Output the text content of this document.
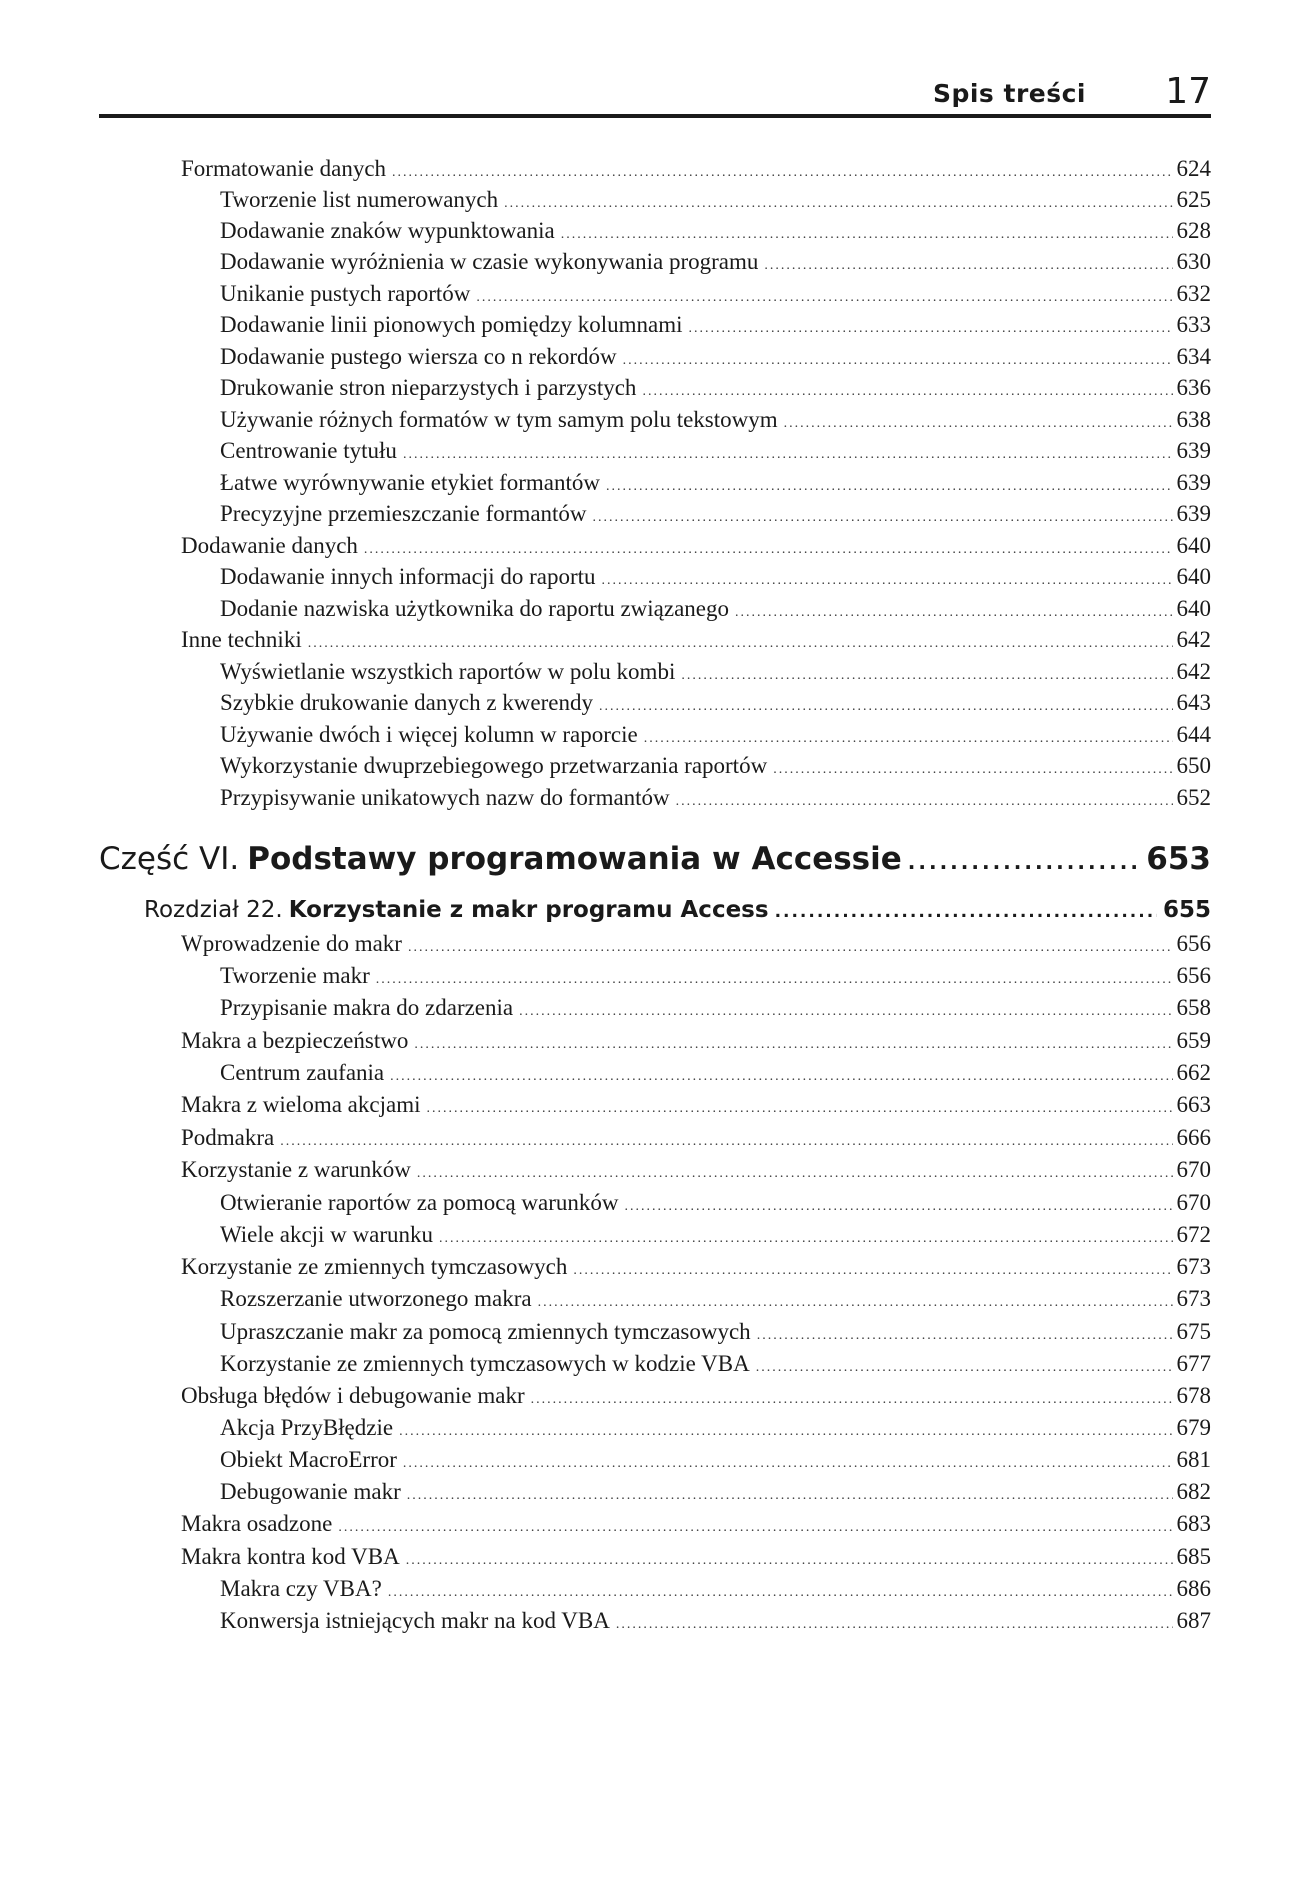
Spis treści 17
Formatowanie danych .....	624
Tworzenie list numerowanych .....	625
Dodawanie znaków wypunktowania .....	628
Dodawanie wyróżnienia w czasie wykonywania programu .....	630
Unikanie pustych raportów .....	632
Dodawanie linii pionowych pomiędzy kolumnami .....	633
Dodawanie pustego wiersza co n rekordów .....	634
Drukowanie stron nieparzystych i parzystych .....	636
Używanie różnych formatów w tym samym polu tekstowym .....	638
Centrowanie tytułu .....	639
Łatwe wyrównywanie etykiet formantów .....	639
Precyzyjne przemieszczanie formantów .....	639
Dodawanie danych .....	640
Dodawanie innych informacji do raportu .....	640
Dodanie nazwiska użytkownika do raportu związanego .....	640
Inne techniki .....	642
Wyświetlanie wszystkich raportów w polu kombi .....	642
Szybkie drukowanie danych z kwerendy .....	643
Używanie dwóch i więcej kolumn w raporcie .....	644
Wykorzystanie dwuprzebiegowego przetwarzania raportów .....	650
Przypisywanie unikatowych nazw do formantów .....	652
Część VI. Podstawy programowania w Accessie .....	653
Rozdział 22. Korzystanie z makr programu Access .....	655
Wprowadzenie do makr .....	656
Tworzenie makr .....	656
Przypisanie makra do zdarzenia .....	658
Makra a bezpieczeństwo .....	659
Centrum zaufania .....	662
Makra z wieloma akcjami .....	663
Podmakra .....	666
Korzystanie z warunków .....	670
Otwieranie raportów za pomocą warunków .....	670
Wiele akcji w warunku .....	672
Korzystanie ze zmiennych tymczasowych .....	673
Rozszerzanie utworzonego makra .....	673
Upraszczanie makr za pomocą zmiennych tymczasowych .....	675
Korzystanie ze zmiennych tymczasowych w kodzie VBA .....	677
Obsługa błędów i debugowanie makr .....	678
Akcja PrzyBłędzie .....	679
Obiekt MacroError .....	681
Debugowanie makr .....	682
Makra osadzone .....	683
Makra kontra kod VBA .....	685
Makra czy VBA? .....	686
Konwersja istniejących makr na kod VBA .....	687
